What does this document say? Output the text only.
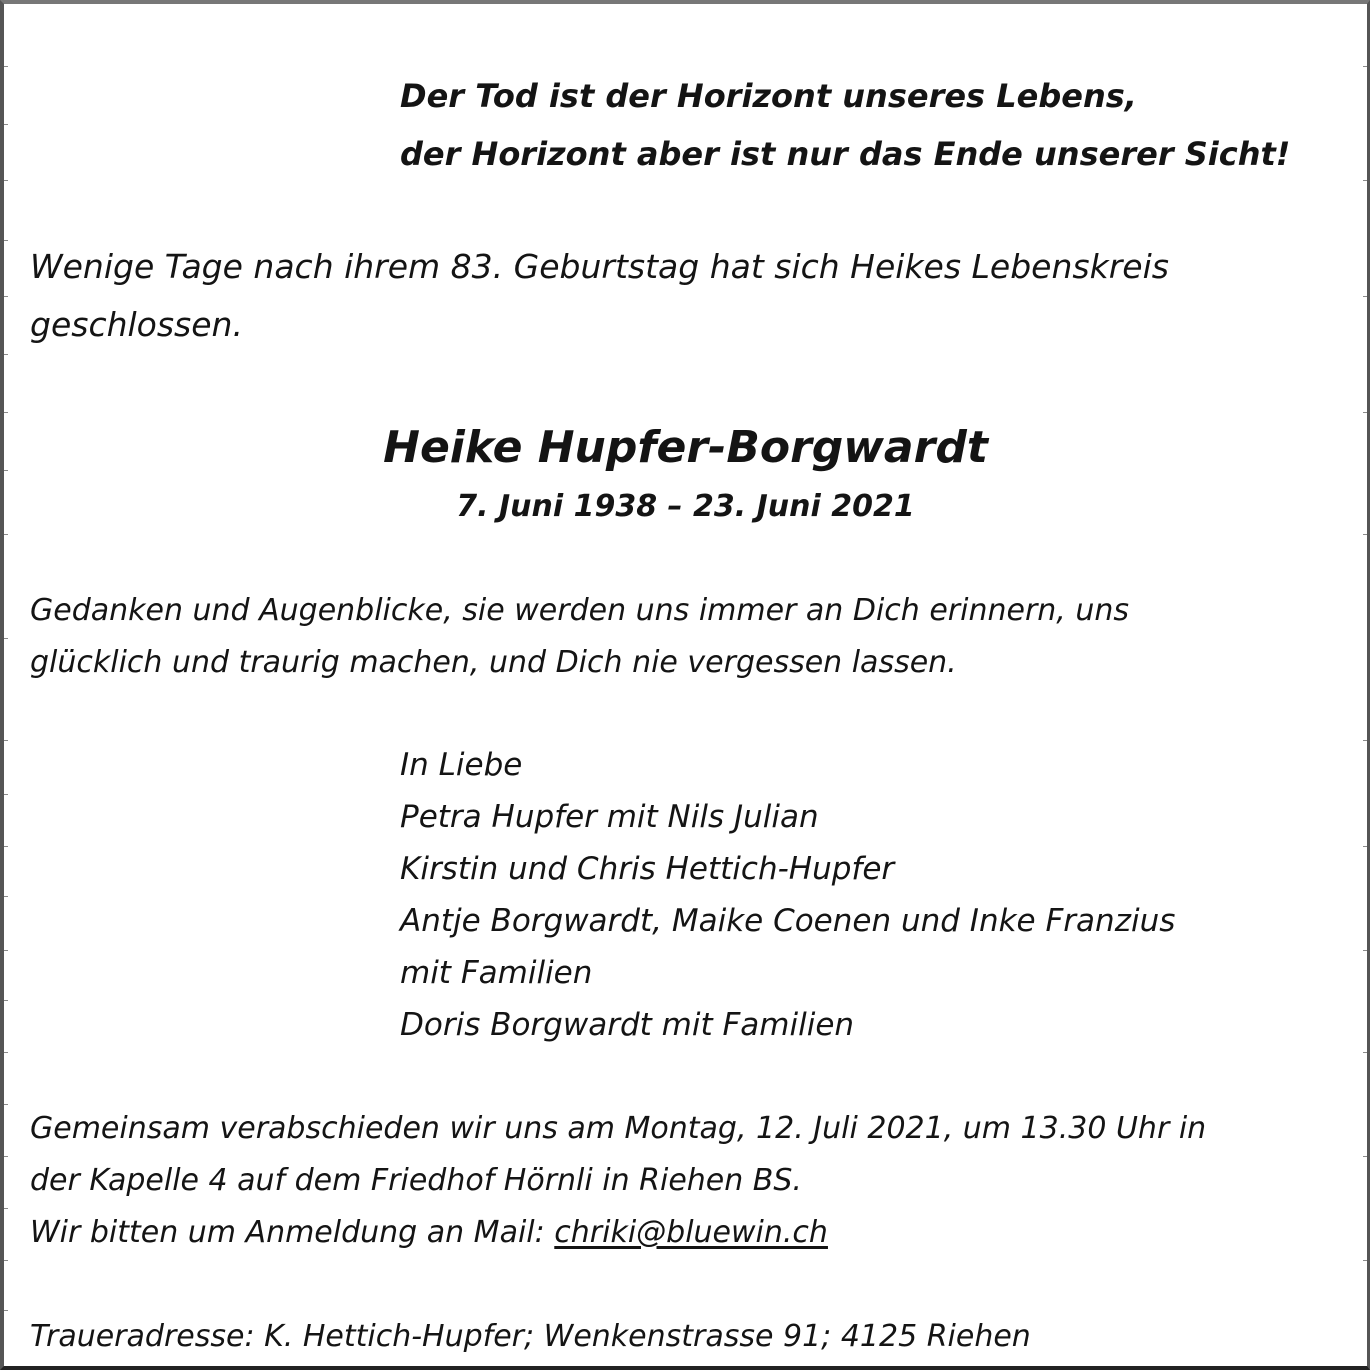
Der Tod ist der Horizont unseres Lebens,

der Horizont aber ist nur das Ende unserer Sicht!

Wenige Tage nach ihrem 83. Geburtstag hat sich Heikes Lebenskreis

geschlossen.

Heike Hupfer-Borgwardt

7. Juni 1938 – 23. Juni 2021

Gedanken und Augenblicke, sie werden uns immer an Dich erinnern, uns

glücklich und traurig machen, und Dich nie vergessen lassen.

In Liebe

Petra Hupfer mit Nils Julian

Kirstin und Chris Hettich-Hupfer

Antje Borgwardt, Maike Coenen und Inke Franzius

mit Familien

Doris Borgwardt mit Familien

Gemeinsam verabschieden wir uns am Montag, 12. Juli 2021, um 13.30 Uhr in

der Kapelle 4 auf dem Friedhof Hörnli in Riehen BS.

Wir bitten um Anmeldung an Mail: chriki@bluewin.ch

Traueradresse: K. Hettich-Hupfer; Wenkenstrasse 91; 4125 Riehen
